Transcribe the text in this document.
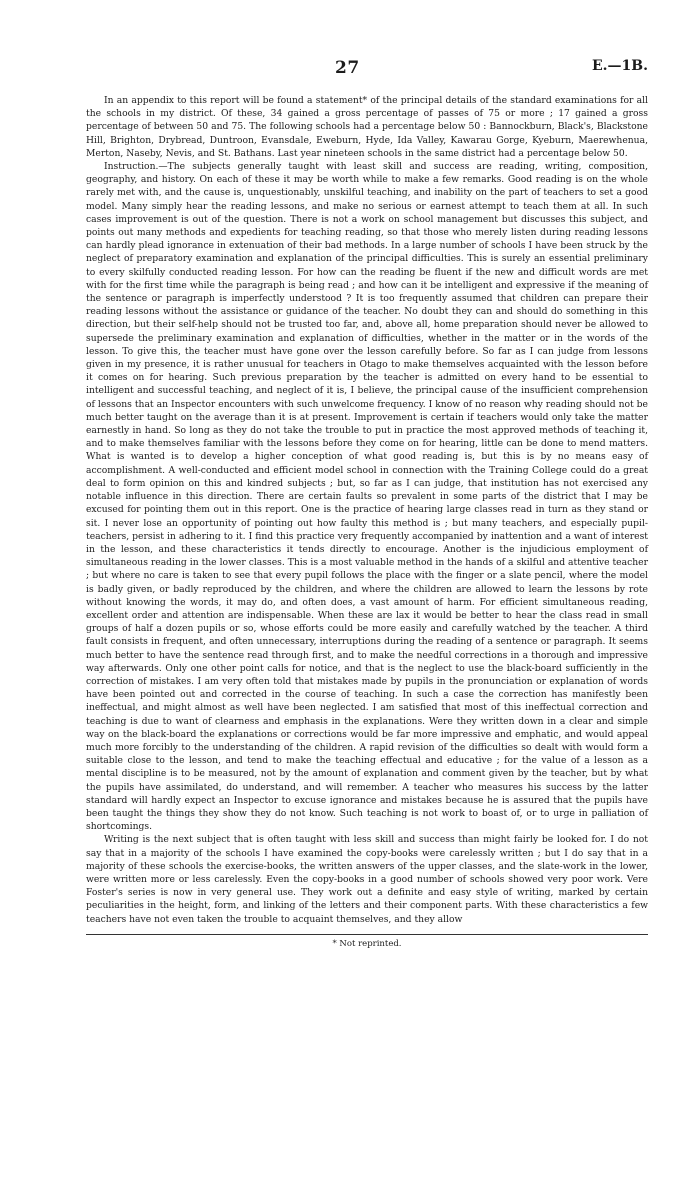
27	E.—1B.

In an appendix to this report will be found a statement* of the principal details of the standard examinations for all the schools in my district. Of these, 34 gained a gross percentage of passes of 75 or more ; 17 gained a gross percentage of between 50 and 75. The following schools had a percentage below 50 : Bannockburn, Black's, Blackstone Hill, Brighton, Drybread, Duntroon, Evansdale, Eweburn, Hyde, Ida Valley, Kawarau Gorge, Kyeburn, Maerewhenua, Merton, Naseby, Nevis, and St. Bathans. Last year nineteen schools in the same district had a percentage below 50.

Instruction.—The subjects generally taught with least skill and success are reading, writing, composition, geography, and history. On each of these it may be worth while to make a few remarks. Good reading is on the whole rarely met with, and the cause is, unquestionably, unskilful teaching, and inability on the part of teachers to set a good model. Many simply hear the reading lessons, and make no serious or earnest attempt to teach them at all. In such cases improvement is out of the question. There is not a work on school management but discusses this subject, and points out many methods and expedients for teaching reading, so that those who merely listen during reading lessons can hardly plead ignorance in extenuation of their bad methods. In a large number of schools I have been struck by the neglect of preparatory examination and explanation of the principal difficulties. This is surely an essential preliminary to every skilfully conducted reading lesson. For how can the reading be fluent if the new and difficult words are met with for the first time while the paragraph is being read ; and how can it be intelligent and expressive if the meaning of the sentence or paragraph is imperfectly understood ? It is too frequently assumed that children can prepare their reading lessons without the assistance or guidance of the teacher. No doubt they can and should do something in this direction, but their self-help should not be trusted too far, and, above all, home preparation should never be allowed to supersede the preliminary examination and explanation of difficulties, whether in the matter or in the words of the lesson. To give this, the teacher must have gone over the lesson carefully before. So far as I can judge from lessons given in my presence, it is rather unusual for teachers in Otago to make themselves acquainted with the lesson before it comes on for hearing. Such previous preparation by the teacher is admitted on every hand to be essential to intelligent and successful teaching, and neglect of it is, I believe, the principal cause of the insufficient comprehension of lessons that an Inspector encounters with such unwelcome frequency. I know of no reason why reading should not be much better taught on the average than it is at present. Improvement is certain if teachers would only take the matter earnestly in hand. So long as they do not take the trouble to put in practice the most approved methods of teaching it, and to make themselves familiar with the lessons before they come on for hearing, little can be done to mend matters. What is wanted is to develop a higher conception of what good reading is, but this is by no means easy of accomplishment. A well-conducted and efficient model school in connection with the Training College could do a great deal to form opinion on this and kindred subjects ; but, so far as I can judge, that institution has not exercised any notable influence in this direction. There are certain faults so prevalent in some parts of the district that I may be excused for pointing them out in this report. One is the practice of hearing large classes read in turn as they stand or sit. I never lose an opportunity of pointing out how faulty this method is ; but many teachers, and especially pupil-teachers, persist in adhering to it. I find this practice very frequently accompanied by inattention and a want of interest in the lesson, and these characteristics it tends directly to encourage. Another is the injudicious employment of simultaneous reading in the lower classes. This is a most valuable method in the hands of a skilful and attentive teacher ; but where no care is taken to see that every pupil follows the place with the finger or a slate pencil, where the model is badly given, or badly reproduced by the children, and where the children are allowed to learn the lessons by rote without knowing the words, it may do, and often does, a vast amount of harm. For efficient simultaneous reading, excellent order and attention are indispensable. When these are lax it would be better to hear the class read in small groups of half a dozen pupils or so, whose efforts could be more easily and carefully watched by the teacher. A third fault consists in frequent, and often unnecessary, interruptions during the reading of a sentence or paragraph. It seems much better to have the sentence read through first, and to make the needful corrections in a thorough and impressive way afterwards. Only one other point calls for notice, and that is the neglect to use the black-board sufficiently in the correction of mistakes. I am very often told that mistakes made by pupils in the pronunciation or explanation of words have been pointed out and corrected in the course of teaching. In such a case the correction has manifestly been ineffectual, and might almost as well have been neglected. I am satisfied that most of this ineffectual correction and teaching is due to want of clearness and emphasis in the explanations. Were they written down in a clear and simple way on the black-board the explanations or corrections would be far more impressive and emphatic, and would appeal much more forcibly to the understanding of the children. A rapid revision of the difficulties so dealt with would form a suitable close to the lesson, and tend to make the teaching effectual and educative ; for the value of a lesson as a mental discipline is to be measured, not by the amount of explanation and comment given by the teacher, but by what the pupils have assimilated, do understand, and will remember. A teacher who measures his success by the latter standard will hardly expect an Inspector to excuse ignorance and mistakes because he is assured that the pupils have been taught the things they show they do not know. Such teaching is not work to boast of, or to urge in palliation of shortcomings.

Writing is the next subject that is often taught with less skill and success than might fairly be looked for. I do not say that in a majority of the schools I have examined the copy-books were carelessly written ; but I do say that in a majority of these schools the exercise-books, the written answers of the upper classes, and the slate-work in the lower, were written more or less carelessly. Even the copy-books in a good number of schools showed very poor work. Vere Foster's series is now in very general use. They work out a definite and easy style of writing, marked by certain peculiarities in the height, form, and linking of the letters and their component parts. With these characteristics a few teachers have not even taken the trouble to acquaint themselves, and they allow

* Not reprinted.
